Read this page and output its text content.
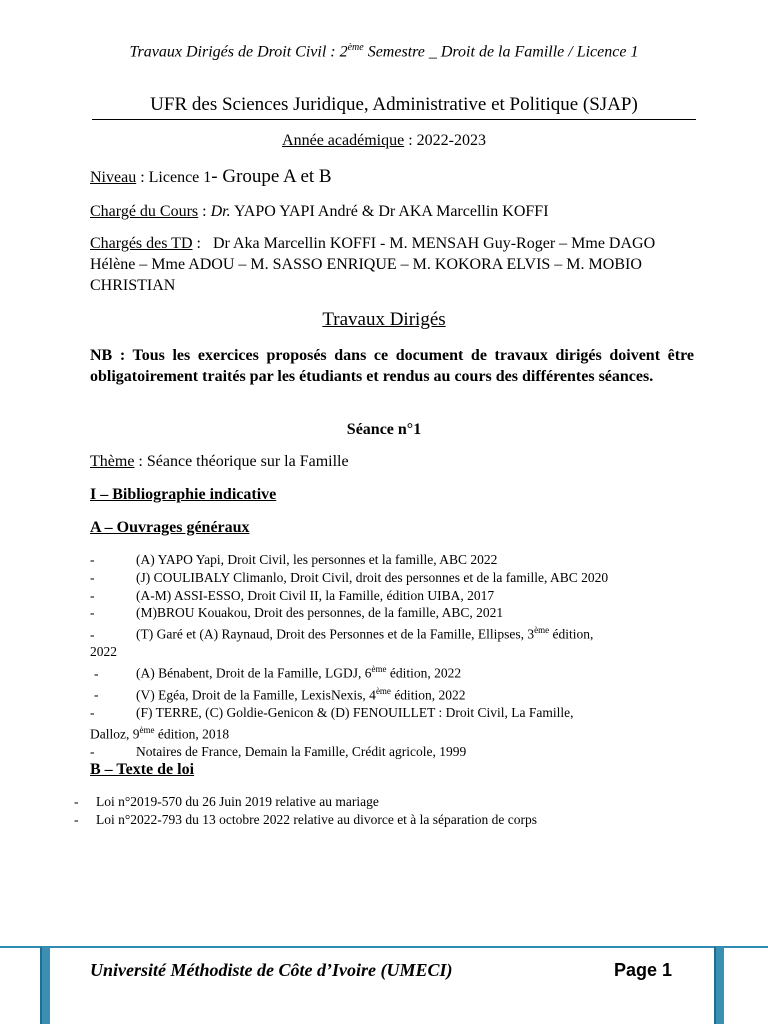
Travaux Dirigés de Droit Civil : 2ème Semestre _ Droit de la Famille / Licence 1
UFR des Sciences Juridique, Administrative et Politique (SJAP)
Année académique : 2022-2023
Niveau : Licence 1- Groupe A et B
Chargé du Cours : Dr. YAPO YAPI André & Dr AKA Marcellin KOFFI
Chargés des TD :   Dr Aka Marcellin KOFFI - M. MENSAH Guy-Roger – Mme DAGO Hélène – Mme ADOU – M. SASSO ENRIQUE – M. KOKORA ELVIS – M. MOBIO CHRISTIAN
Travaux Dirigés
NB : Tous les exercices proposés dans ce document de travaux dirigés doivent être obligatoirement traités par les étudiants et rendus au cours des différentes séances.
Séance n°1
Thème : Séance théorique sur la Famille
I – Bibliographie indicative
A – Ouvrages généraux
-	(A) YAPO Yapi, Droit Civil, les personnes et la famille, ABC 2022
-	(J) COULIBALY Climanlo, Droit Civil, droit des personnes et de la famille, ABC 2020
-	(A-M) ASSI-ESSO, Droit Civil II, la Famille, édition UIBA, 2017
-	(M)BROU Kouakou, Droit des personnes, de la famille, ABC, 2021
-	(T) Garé et (A) Raynaud, Droit des Personnes et de la Famille, Ellipses, 3ème édition,
2022
-	(A) Bénabent, Droit de la Famille, LGDJ, 6ème édition, 2022
-	(V) Egéa, Droit de la Famille, LexisNexis, 4ème édition, 2022
-	(F) TERRE, (C) Goldie-Genicon & (D) FENOUILLET : Droit Civil, La Famille,
Dalloz, 9ème édition, 2018
-	Notaires de France, Demain la Famille, Crédit agricole, 1999
B – Texte de loi
- Loi n°2019-570 du 26 Juin 2019 relative au mariage
- Loi n°2022-793 du 13 octobre 2022 relative au divorce et à la séparation de corps
Université Méthodiste de Côte d’Ivoire (UMECI)	Page 1
